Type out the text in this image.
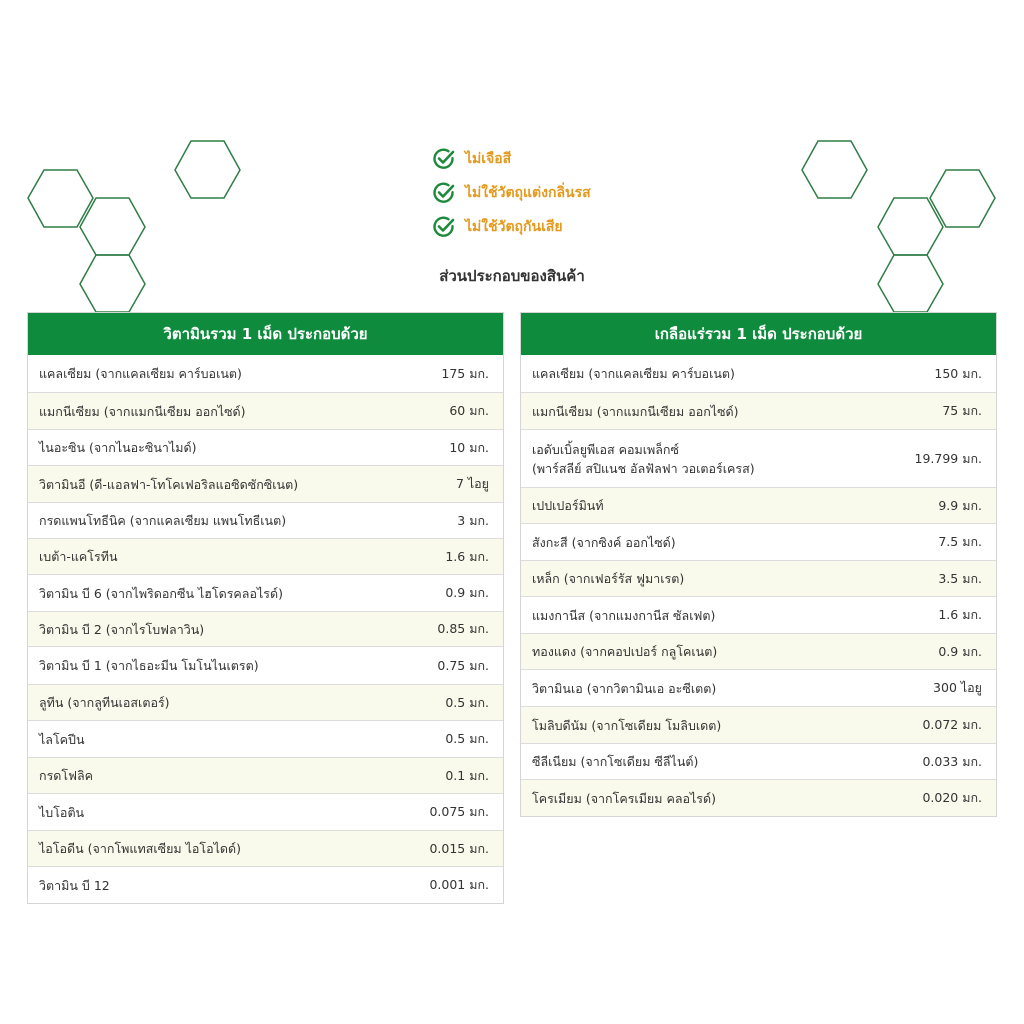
ไม่เจือสี
ไม่ใช้วัตถุแต่งกลิ่นรส
ไม่ใช้วัตถุกันเสีย
ส่วนประกอบของสินค้า
วิตามินรวม 1 เม็ด ประกอบด้วย
แคลเซียม (จากแคลเซียม คาร์บอเนต)	175 มก.
แมกนีเซียม (จากแมกนีเซียม ออกไซด์)	60 มก.
ไนอะซิน (จากไนอะซินาไมด์)	10 มก.
วิตามินอี (ดี-แอลฟา-โทโคเฟอริลแอซิดซักซิเนต)	7 ไอยู
กรดแพนโทธีนิค (จากแคลเซียม แพนโทธีเนต)	3 มก.
เบต้า-แคโรทีน	1.6 มก.
วิตามิน บี 6 (จากไพริดอกซีน ไฮโดรคลอไรด์)	0.9 มก.
วิตามิน บี 2 (จากไรโบฟลาวิน)	0.85 มก.
วิตามิน บี 1 (จากไธอะมีน โมโนไนเตรต)	0.75 มก.
ลูทีน (จากลูทีนเอสเตอร์)	0.5 มก.
ไลโคปีน	0.5 มก.
กรดโฟลิค	0.1 มก.
ไบโอติน	0.075 มก.
ไอโอดีน (จากโพแทสเซียม ไอโอไดด์)	0.015 มก.
วิตามิน บี 12	0.001 มก.
เกลือแร่รวม 1 เม็ด ประกอบด้วย
แคลเซียม (จากแคลเซียม คาร์บอเนต)	150 มก.
แมกนีเซียม (จากแมกนีเซียม ออกไซด์)	75 มก.
เอดับเบิ้ลยูพีเอส คอมเพล็กซ์
(พาร์สลีย์ สปิแนช อัลฟัลฟา วอเตอร์เครส)
19.799 มก.
เปปเปอร์มินท์	9.9 มก.
สังกะสี (จากซิงค์ ออกไซด์)	7.5 มก.
เหล็ก (จากเฟอร์รัส ฟูมาเรต)	3.5 มก.
แมงกานีส (จากแมงกานีส ซัลเฟต)	1.6 มก.
ทองแดง (จากคอปเปอร์ กลูโคเนต)	0.9 มก.
วิตามินเอ (จากวิตามินเอ อะซีเตต)	300 ไอยู
โมลิบดีนัม (จากโซเดียม โมลิบเดต)	0.072 มก.
ซีลีเนียม (จากโซเดียม ซีลีไนต์)	0.033 มก.
โครเมียม (จากโครเมียม คลอไรด์)	0.020 มก.
